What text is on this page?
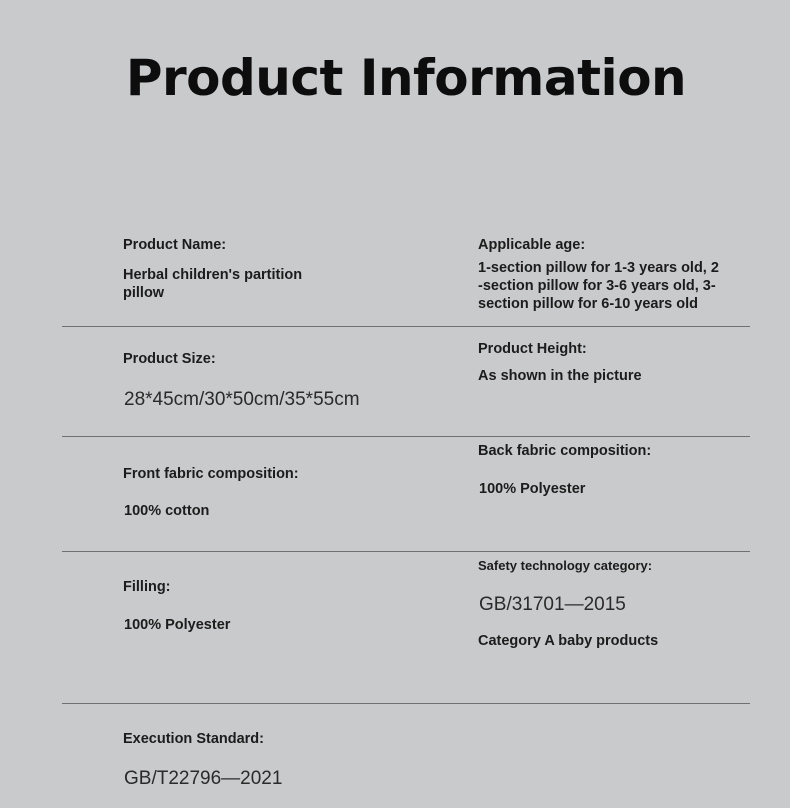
Product Information
Product Name:
Herbal children's partition
pillow
Applicable age:
1-section pillow for 1-3 years old, 2
-section pillow for 3-6 years old, 3-
section pillow for 6-10 years old
Product Size:
28*45cm/30*50cm/35*55cm
Product Height:
As shown in the picture
Front fabric composition:
100% cotton
Back fabric composition:
100% Polyester
Filling:
100% Polyester
Safety technology category:
GB/31701—2015
Category A baby products
Execution Standard:
GB/T22796—2021
